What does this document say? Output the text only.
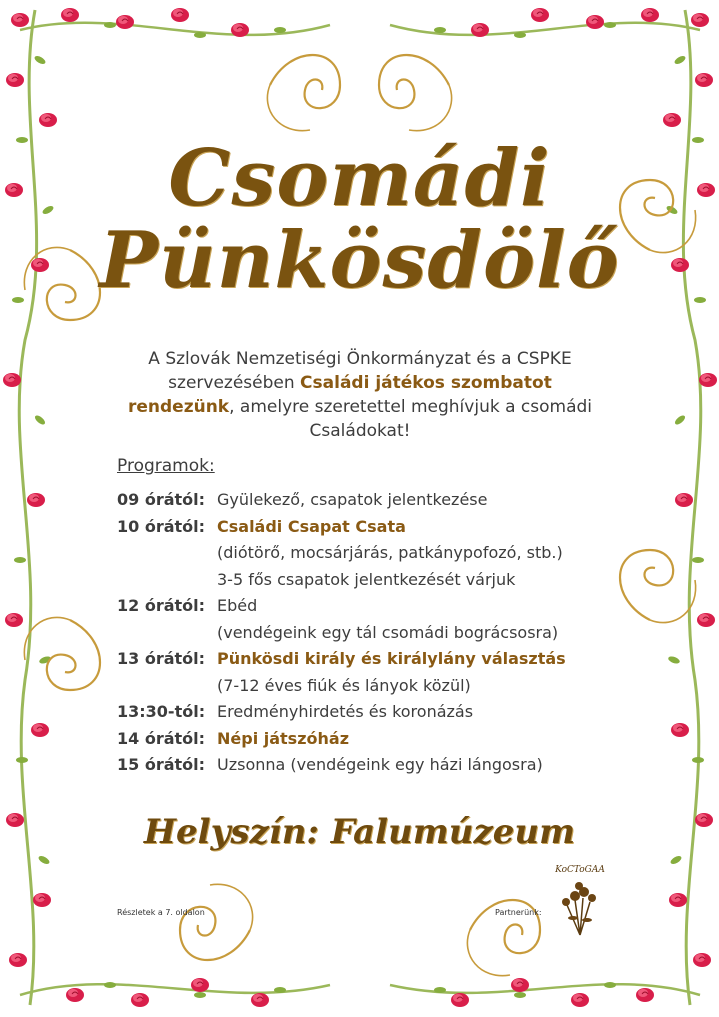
Csomádi
Pünkösdölő
A Szlovák Nemzetiségi Önkormányzat és a CSPKE szervezésében Családi játékos szombatot rendezünk, amelyre szeretettel meghívjuk a csomádi Családokat!
Programok:
09 órától: Gyülekező, csapatok jelentkezése
10 órától: Családi Csapat Csata
(diótörő, mocsárjárás, patkánypofozó, stb.)
3-5 fős csapatok jelentkezését várjuk
12 órától: Ebéd
(vendégeink egy tál csomádi bográcsosra)
13 órától: Pünkösdi király és királylány választás
(7-12 éves fiúk és lányok közül)
13:30-tól: Eredményhirdetés és koronázás
14 órától: Népi játszóház
15 órától: Uzsonna (vendégeink egy házi lángosra)
Helyszín: Falumúzeum
Részletek a 7. oldalon	Partnerünk:
KoCToGAA
